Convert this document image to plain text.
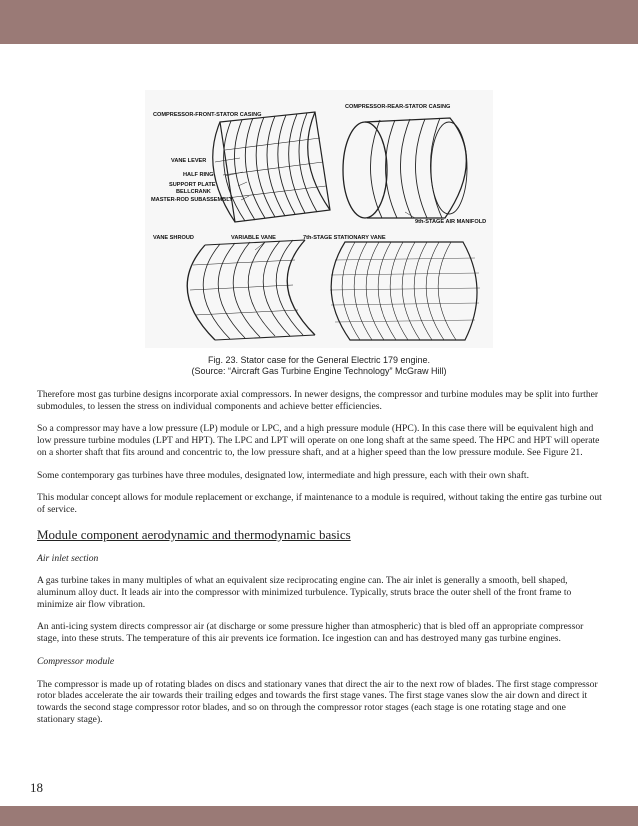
COMPRESSOR-FRONT-STATOR CASING
COMPRESSOR-REAR-STATOR CASING
VANE LEVER
HALF RING
SUPPORT PLATE
BELLCRANK
MASTER-ROD SUBASSEMBLY
9th-STAGE AIR MANIFOLD
VANE SHROUD	VARIABLE VANE	7th-STAGE STATIONARY VANE
Fig. 23. Stator case for the General Electric 179 engine.
(Source: “Aircraft Gas Turbine Engine Technology” McGraw Hill)

Therefore most gas turbine designs incorporate axial compressors. In newer designs, the compressor and turbine modules may be split into further submodules, to lessen the stress on individual components and achieve better efficiencies.

So a compressor may have a low pressure (LP) module or LPC, and a high pressure module (HPC). In this case there will be equivalent high and low pressure turbine modules (LPT and HPT). The LPC and LPT will operate on one long shaft at the same speed. The HPC and HPT will operate on a shorter shaft that fits around and concentric to, the low pressure shaft, and at a higher speed than the low pressure module. See Figure 21.

Some contemporary gas turbines have three modules, designated low, intermediate and high pressure, each with their own shaft.

This modular concept allows for module replacement or exchange, if maintenance to a module is required, without taking the entire gas turbine out of service.

Module component aerodynamic and thermodynamic basics
Air inlet section

A gas turbine takes in many multiples of what an equivalent size reciprocating engine can. The air inlet is generally a smooth, bell shaped, aluminum alloy duct. It leads air into the compressor with minimized turbulence. Typically, struts brace the outer shell of the front frame to minimize air flow vibration.

An anti-icing system directs compressor air (at discharge or some pressure higher than atmospheric) that is bled off an appropriate compressor stage, into these struts. The temperature of this air prevents ice formation. Ice ingestion can and has destroyed many gas turbine engines.

Compressor module

The compressor is made up of rotating blades on discs and stationary vanes that direct the air to the next row of blades. The first stage compressor rotor blades accelerate the air towards their trailing edges and towards the first stage vanes. The first stage vanes slow the air down and direct it towards the second stage compressor rotor blades, and so on through the compressor rotor stages (each stage is one rotating stage and one stationary stage).

18
